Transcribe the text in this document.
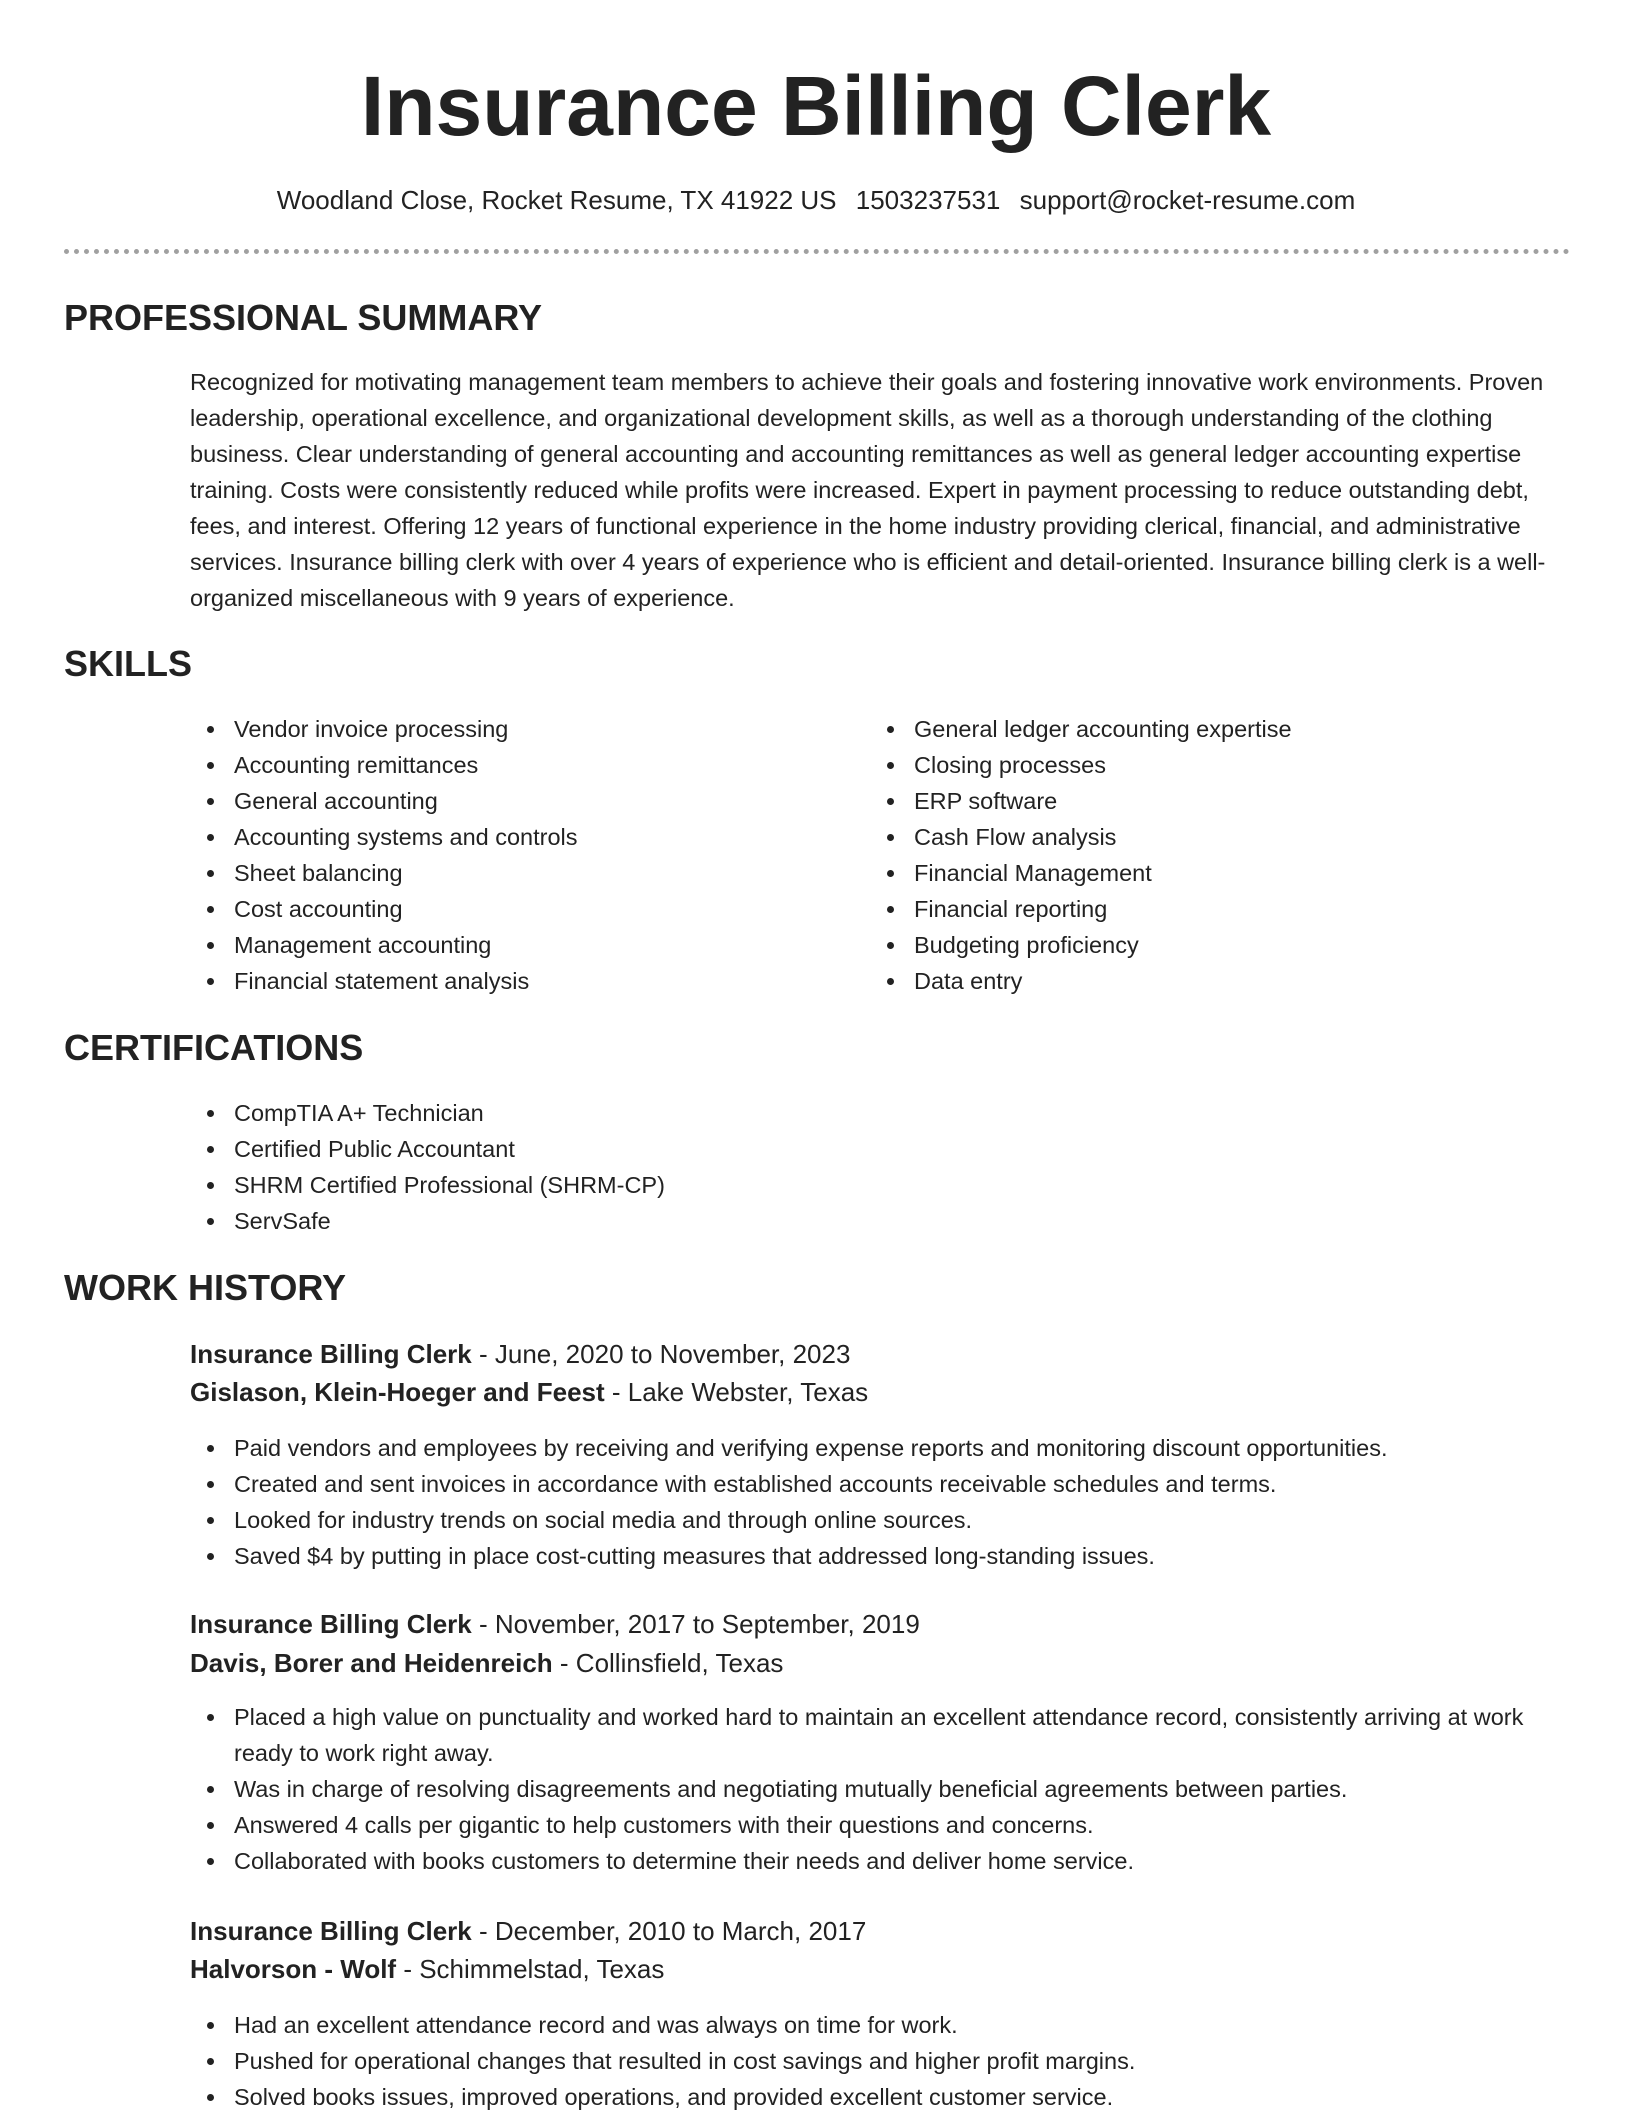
Insurance Billing Clerk
Woodland Close, Rocket Resume, TX 41922 US 1503237531 support@rocket-resume.com
PROFESSIONAL SUMMARY

Recognized for motivating management team members to achieve their goals and fostering innovative work environments. Proven leadership, operational excellence, and organizational development skills, as well as a thorough understanding of the clothing business. Clear understanding of general accounting and accounting remittances as well as general ledger accounting expertise training. Costs were consistently reduced while profits were increased. Expert in payment processing to reduce outstanding debt, fees, and interest. Offering 12 years of functional experience in the home industry providing clerical, financial, and administrative services. Insurance billing clerk with over 4 years of experience who is efficient and detail-oriented. Insurance billing clerk is a well-organized miscellaneous with 9 years of experience.

SKILLS
Vendor invoice processing
Accounting remittances
General accounting
Accounting systems and controls
Sheet balancing
Cost accounting
Management accounting
Financial statement analysis
General ledger accounting expertise
Closing processes
ERP software
Cash Flow analysis
Financial Management
Financial reporting
Budgeting proficiency
Data entry
CERTIFICATIONS
CompTIA A+ Technician
Certified Public Accountant
SHRM Certified Professional (SHRM-CP)
ServSafe
WORK HISTORY
Insurance Billing Clerk - June, 2020 to November, 2023
Gislason, Klein-Hoeger and Feest - Lake Webster, Texas
Paid vendors and employees by receiving and verifying expense reports and monitoring discount opportunities.
Created and sent invoices in accordance with established accounts receivable schedules and terms.
Looked for industry trends on social media and through online sources.
Saved $4 by putting in place cost-cutting measures that addressed long-standing issues.
Insurance Billing Clerk - November, 2017 to September, 2019
Davis, Borer and Heidenreich - Collinsfield, Texas
Placed a high value on punctuality and worked hard to maintain an excellent attendance record, consistently arriving at work ready to work right away.
Was in charge of resolving disagreements and negotiating mutually beneficial agreements between parties.
Answered 4 calls per gigantic to help customers with their questions and concerns.
Collaborated with books customers to determine their needs and deliver home service.
Insurance Billing Clerk - December, 2010 to March, 2017
Halvorson - Wolf - Schimmelstad, Texas
Had an excellent attendance record and was always on time for work.
Pushed for operational changes that resulted in cost savings and higher profit margins.
Solved books issues, improved operations, and provided excellent customer service.
